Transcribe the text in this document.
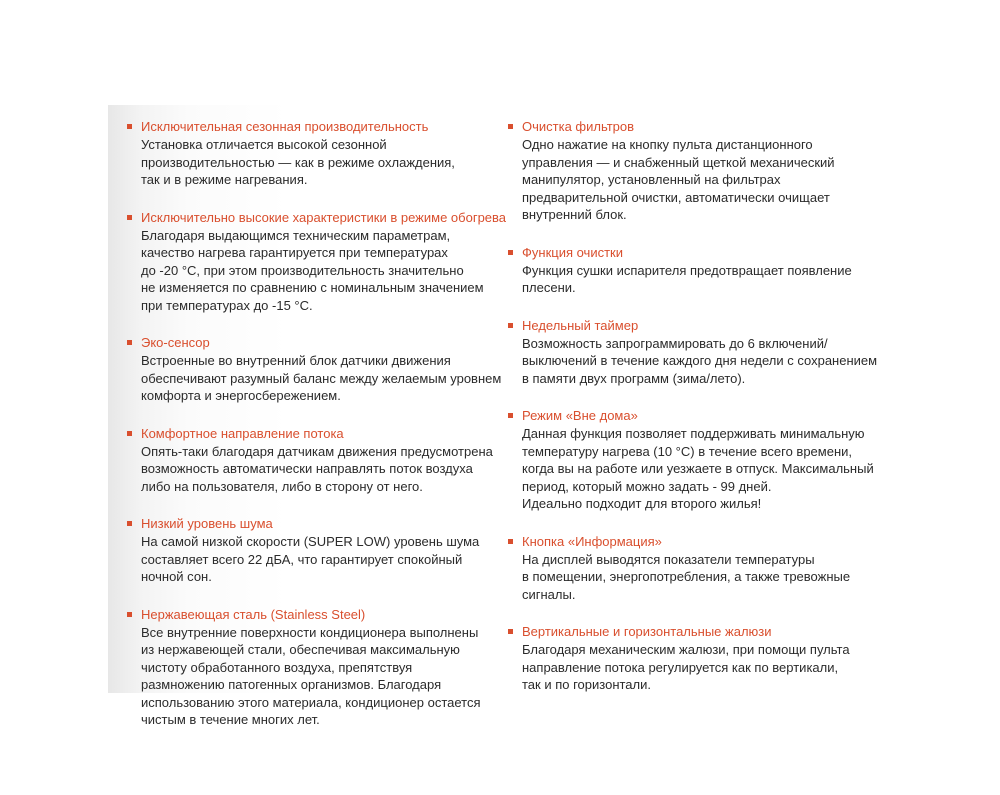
Исключительная сезонная производительность
Установка отличается высокой сезонной
производительностью — как в режиме охлаждения,
так и в режиме нагревания.
Исключительно высокие характеристики в режиме обогрева
Благодаря выдающимся техническим параметрам,
качество нагрева гарантируется при температурах
до -20 °C, при этом производительность значительно
не изменяется по сравнению с номинальным значением
при температурах до -15 °C.
Эко-сенсор
Встроенные во внутренний блок датчики движения
обеспечивают разумный баланс между желаемым уровнем
комфорта и энергосбережением.
Комфортное направление потока
Опять-таки благодаря датчикам движения предусмотрена
возможность автоматически направлять поток воздуха
либо на пользователя, либо в сторону от него.
Низкий уровень шума
На самой низкой скорости (SUPER LOW) уровень шума
составляет всего 22 дБА, что гарантирует спокойный
ночной сон.
Нержавеющая сталь (Stainless Steel)
Все внутренние поверхности кондиционера выполнены
из нержавеющей стали, обеспечивая максимальную
чистоту обработанного воздуха, препятствуя
размножению патогенных организмов. Благодаря
использованию этого материала, кондиционер остается
чистым в течение многих лет.
Очистка фильтров
Одно нажатие на кнопку пульта дистанционного
управления — и снабженный щеткой механический
манипулятор, установленный на фильтрах
предварительной очистки, автоматически очищает
внутренний блок.
Функция очистки
Функция сушки испарителя предотвращает появление
плесени.
Недельный таймер
Возможность запрограммировать до 6 включений/
выключений в течение каждого дня недели с сохранением
в памяти двух программ (зима/лето).
Режим «Вне дома»
Данная функция позволяет поддерживать минимальную
температуру нагрева (10 °C) в течение всего времени,
когда вы на работе или уезжаете в отпуск. Максимальный
период, который можно задать - 99 дней.
Идеально подходит для второго жилья!
Кнопка «Информация»
На дисплей выводятся показатели температуры
в помещении, энергопотребления, а также тревожные
сигналы.
Вертикальные и горизонтальные жалюзи
Благодаря механическим жалюзи, при помощи пульта
направление потока регулируется как по вертикали,
так и по горизонтали.
